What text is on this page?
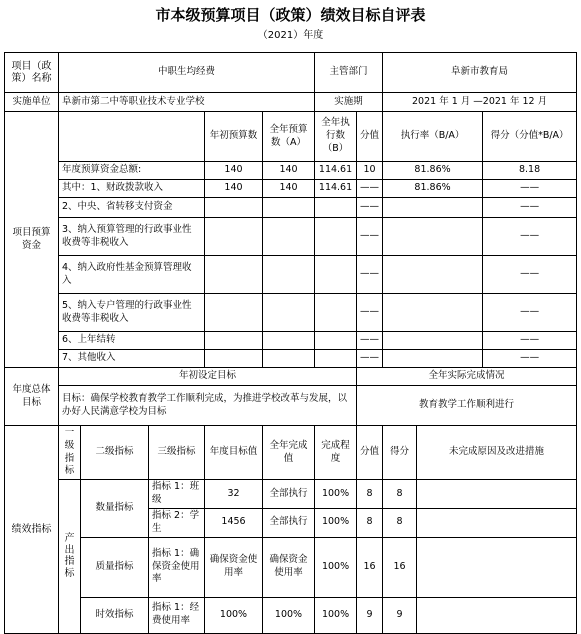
市本级预算项目（政策）绩效目标自评表
（2021）年度
项目（政策）名称	中职生均经费					主管部门		阜新市教育局		
实施单位	阜新市第二中等职业技术专业学校					实施期		2021 年 1 月 —2021 年 12 月		
项目预算资金				年初预算数	全年预算数（A）	全年执行数（B）	分值	执行率（B/A）		得分（分值*B/A）
	年度预算资金总额:			140	140	114.61	10	81.86%		8.18
	其中：1、财政拨款收入			140	140	114.61	——	81.86%		——
	2、中央、省转移支付资金						——			——
	3、纳入预算管理的行政事业性收费等非税收入						——			——
	4、纳入政府性基金预算管理收入						——			——
	5、纳入专户管理的行政事业性收费等非税收入						——			——
	6、上年结转						——			——
	7、其他收入						——			——
年度总体目标	年初设定目标						全年实际完成情况			
	目标：确保学校教育教学工作顺利完成，为推进学校改革与发展，以办好人民满意学校为目标						教育教学工作顺利进行			
绩效指标	一级指标	二级指标	三级指标	年度目标值	全年完成值	完成程度	分值	得分	未完成原因及改进措施	
	产出指标	数量指标	指标 1：班级	32	全部执行	100%	8	8		
			指标 2：学生	1456	全部执行	100%	8	8		
		质量指标	指标 1：确保资金使用率	确保资金使用率	确保资金使用率	100%	16	16		
		时效指标	指标 1：经费使用率	100%	100%	100%	9	9		
